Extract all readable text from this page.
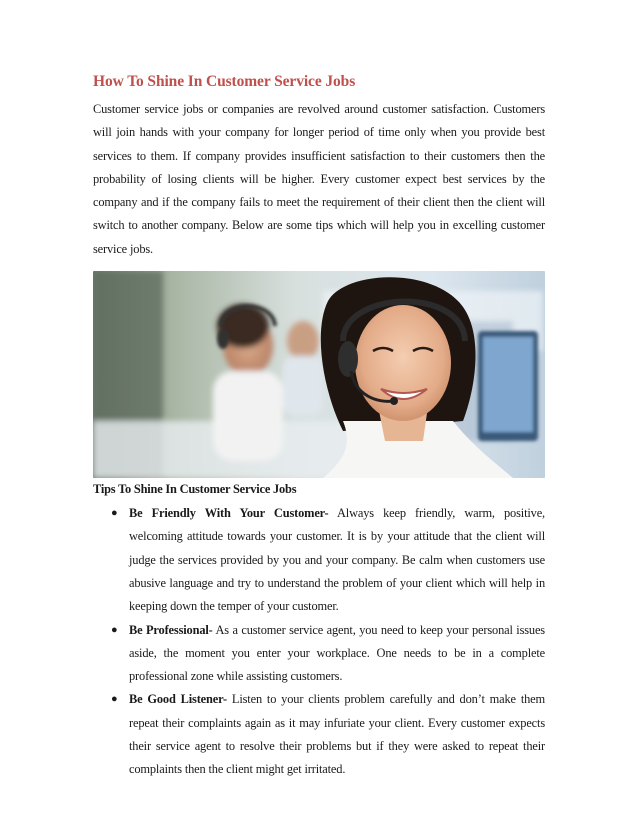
How To Shine In Customer Service Jobs

Customer service jobs or companies are revolved around customer satisfaction. Customers will join hands with your company for longer period of time only when you provide best services to them. If company provides insufficient satisfaction to their customers then the probability of losing clients will be higher. Every customer expect best services by the company and if the company fails to meet the requirement of their client then the client will switch to another company. Below are some tips which will help you in excelling customer service jobs.

Tips To Shine In Customer Service Jobs
● Be Friendly With Your Customer- Always keep friendly, warm, positive, welcoming attitude towards your customer. It is by your attitude that the client will judge the services provided by you and your company. Be calm when customers use abusive language and try to understand the problem of your client which will help in keeping down the temper of your customer.
● Be Professional- As a customer service agent, you need to keep your personal issues aside, the moment you enter your workplace. One needs to be in a complete professional zone while assisting customers.
● Be Good Listener- Listen to your clients problem carefully and don’t make them repeat their complaints again as it may infuriate your client. Every customer expects their service agent to resolve their problems but if they were asked to repeat their complaints then the client might get irritated.
